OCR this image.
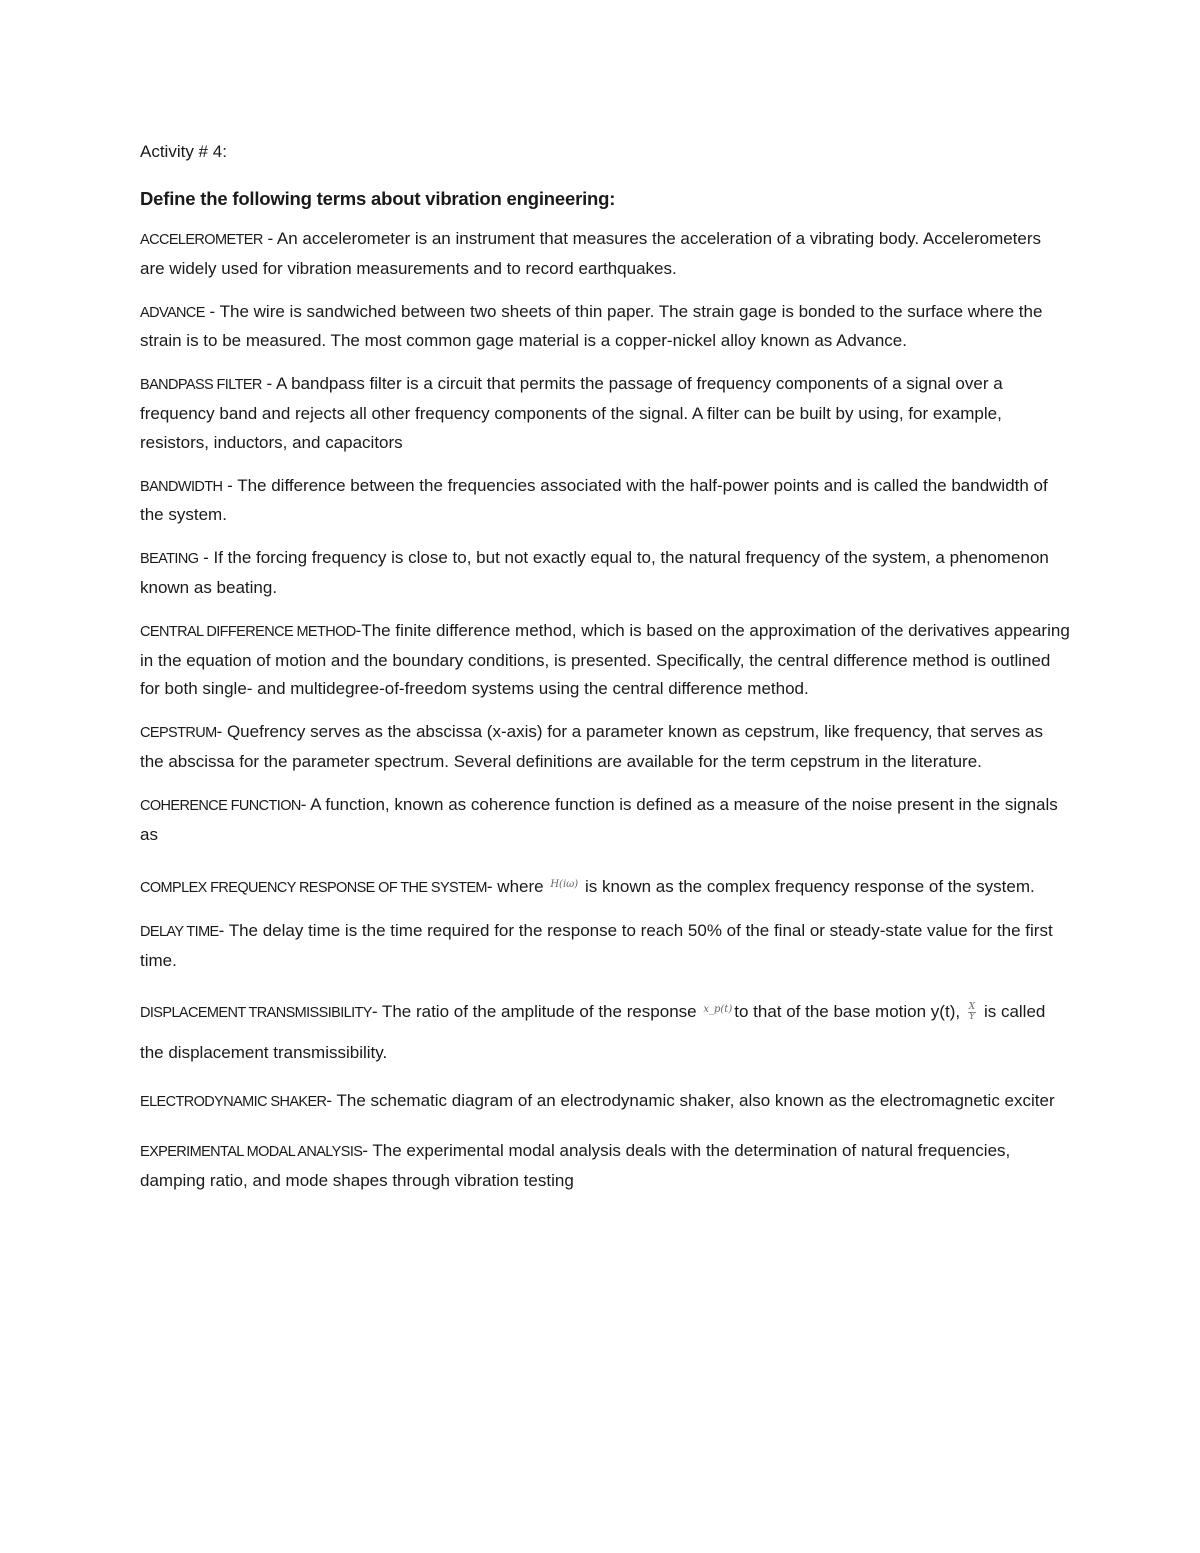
Activity # 4:

Define the following terms about vibration engineering:

ACCELEROMETER - An accelerometer is an instrument that measures the acceleration of a vibrating body. Accelerometers are widely used for vibration measurements and to record earthquakes.

ADVANCE - The wire is sandwiched between two sheets of thin paper. The strain gage is bonded to the surface where the strain is to be measured. The most common gage material is a copper-nickel alloy known as Advance.

BANDPASS FILTER - A bandpass filter is a circuit that permits the passage of frequency components of a signal over a frequency band and rejects all other frequency components of the signal. A filter can be built by using, for example, resistors, inductors, and capacitors

BANDWIDTH - The difference between the frequencies associated with the half-power points and is called the bandwidth of the system.

BEATING - If the forcing frequency is close to, but not exactly equal to, the natural frequency of the system, a phenomenon known as beating.

CENTRAL DIFFERENCE METHOD-The finite difference method, which is based on the approximation of the derivatives appearing in the equation of motion and the boundary conditions, is presented. Specifically, the central difference method is outlined for both single- and multidegree-of-freedom systems using the central difference method.

CEPSTRUM- Quefrency serves as the abscissa (x-axis) for a parameter known as cepstrum, like frequency, that serves as the abscissa for the parameter spectrum. Several definitions are available for the term cepstrum in the literature.

COHERENCE FUNCTION- A function, known as coherence function is defined as a measure of the noise present in the signals as

COMPLEX FREQUENCY RESPONSE OF THE SYSTEM- where $^{H(i\omega)}$ is known as the complex frequency response of the system.

DELAY TIME- The delay time is the time required for the response to reach 50% of the final or steady-state value for the first time.

DISPLACEMENT TRANSMISSIBILITY- The ratio of the amplitude of the response $^{x\_p(t)}$ to that of the base motion y(t), $\frac{X}{Y}$ is called the displacement transmissibility.

ELECTRODYNAMIC SHAKER- The schematic diagram of an electrodynamic shaker, also known as the electromagnetic exciter

EXPERIMENTAL MODAL ANALYSIS- The experimental modal analysis deals with the determination of natural frequencies, damping ratio, and mode shapes through vibration testing
